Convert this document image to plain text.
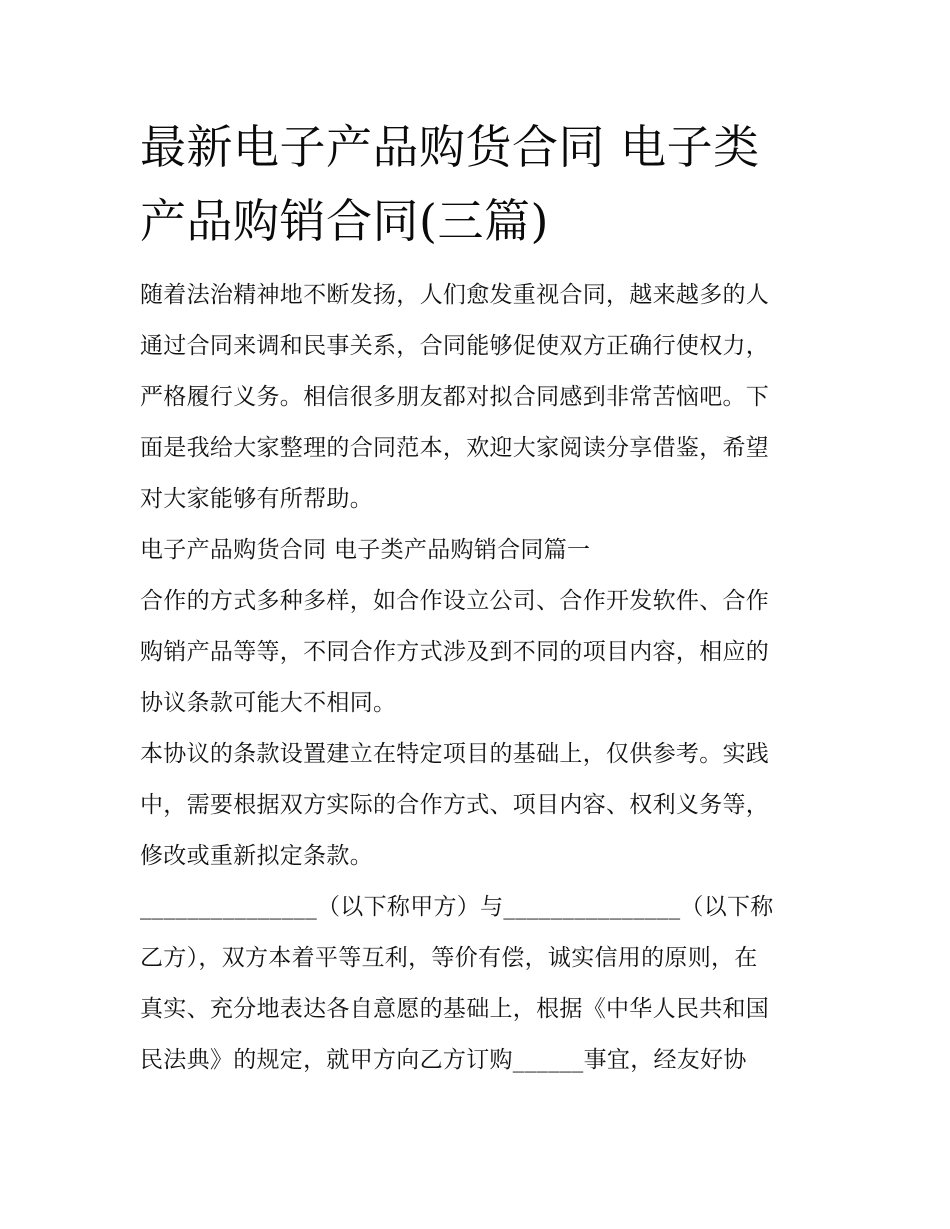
最新电子产品购货合同 电子类
产品购销合同(三篇)

随着法治精神地不断发扬，人们愈发重视合同，越来越多的人
通过合同来调和民事关系，合同能够促使双方正确行使权力，
严格履行义务。相信很多朋友都对拟合同感到非常苦恼吧。下
面是我给大家整理的合同范本，欢迎大家阅读分享借鉴，希望
对大家能够有所帮助。

电子产品购货合同 电子类产品购销合同篇一

合作的方式多种多样，如合作设立公司、合作开发软件、合作
购销产品等等，不同合作方式涉及到不同的项目内容，相应的
协议条款可能大不相同。

本协议的条款设置建立在特定项目的基础上，仅供参考。实践
中，需要根据双方实际的合作方式、项目内容、权利义务等，
修改或重新拟定条款。

_______________（以下称甲方）与_______________（以下称
乙方），双方本着平等互利，等价有偿，诚实信用的原则，在
真实、充分地表达各自意愿的基础上，根据《中华人民共和国
民法典》的规定，就甲方向乙方订购______事宜，经友好协
